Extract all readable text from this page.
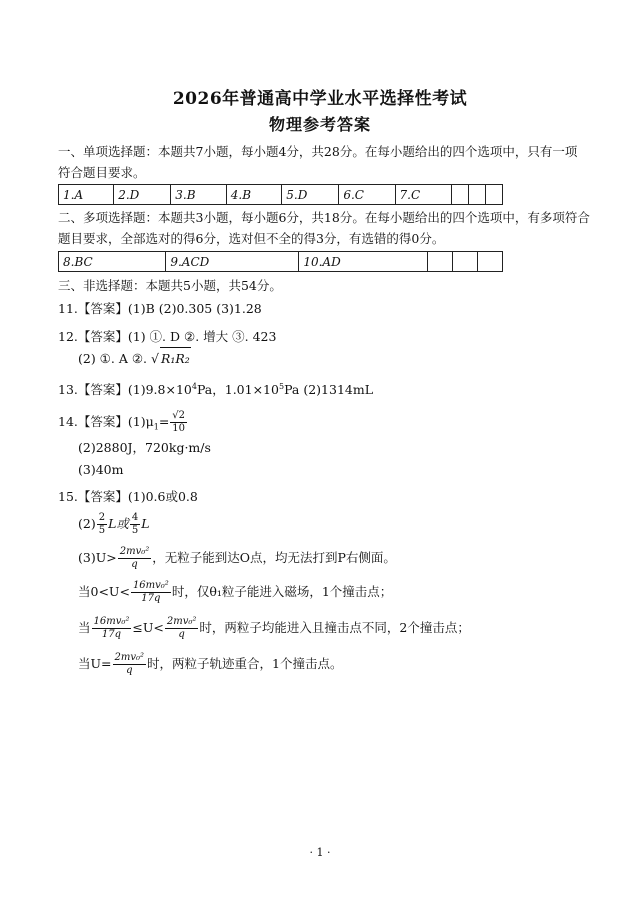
2026年普通高中学业水平选择性考试
物理参考答案
一、单项选择题：本题共7小题，每小题4分，共28分。在每小题给出的四个选项中，只有一项
符合题目要求。
1.A	2.D	3.B	4.B	5.D	6.C	7.C			
二、多项选择题：本题共3小题，每小题6分，共18分。在每小题给出的四个选项中，有多项符合
题目要求，全部选对的得6分，选对但不全的得3分，有选错的得0分。
8.BC	9.ACD	10.AD			
三、非选择题：本题共5小题，共54分。
11.【答案】(1)B (2)0.305 (3)1.28
12.【答案】(1) ①. D ②. 增大 ③. 423
(2) ①. A ②. √ R₁R₂
13.【答案】$(1)9.8\times 10^4Pa$，$1.01\times 10^5Pa$ (2)1314mL
14.【答案】$(1)\mu_1= \frac{√2}{10}$
(2)2880J，720kg·m/s
(3)40m
15.【答案】(1)0.6或0.8
$(2) \frac{2}{5}$ L或 $\frac{4}{5}$ L
$(3)U> \frac{\text{2mv₀²}}{q}$ ，无粒子能到达O点，均无法打到P右侧面。
当$0<U< \frac{\text{16mv₀²}}{17q}$ 时，仅θ₁粒子能进入磁场，1个撞击点；
当 $\frac{\text{16mv₀²}}{17q} \le U< \frac{\text{2mv₀²}}{q}$ 时，两粒子均能进入且撞击点不同，2个撞击点；
当$U= \frac{\text{2mv₀²}}{q}$ 时，两粒子轨迹重合，1个撞击点。
· 1 ·
